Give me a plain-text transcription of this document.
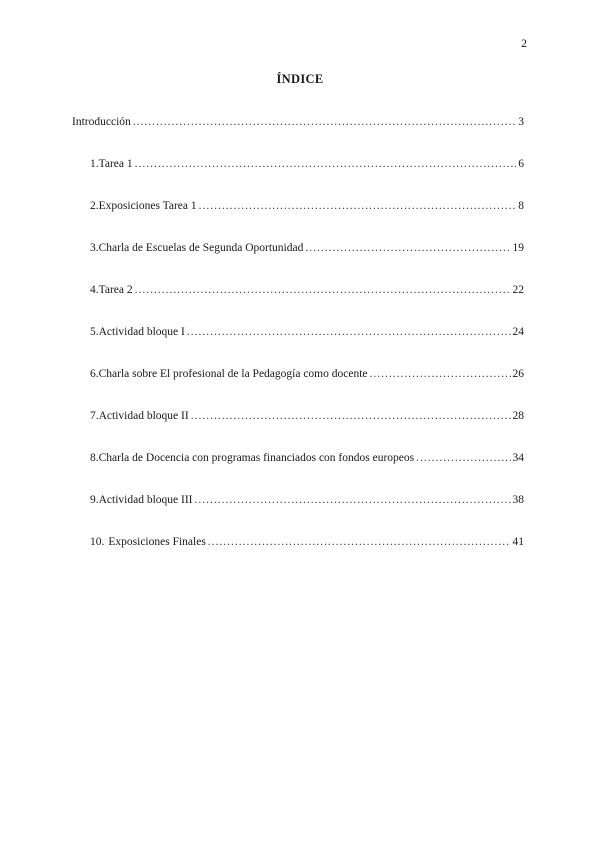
2
ÍNDICE
Introducción .....	3
1. Tarea 1 .....	6
2. Exposiciones Tarea 1 .....	8
3. Charla de Escuelas de Segunda Oportunidad .....	19
4. Tarea 2 .....	22
5. Actividad bloque I .....	24
6. Charla sobre El profesional de la Pedagogía como docente .....	26
7. Actividad bloque II .....	28
8. Charla de Docencia con programas financiados con fondos europeos .....	34
9. Actividad bloque III .....	38
10. Exposiciones Finales .....	41
